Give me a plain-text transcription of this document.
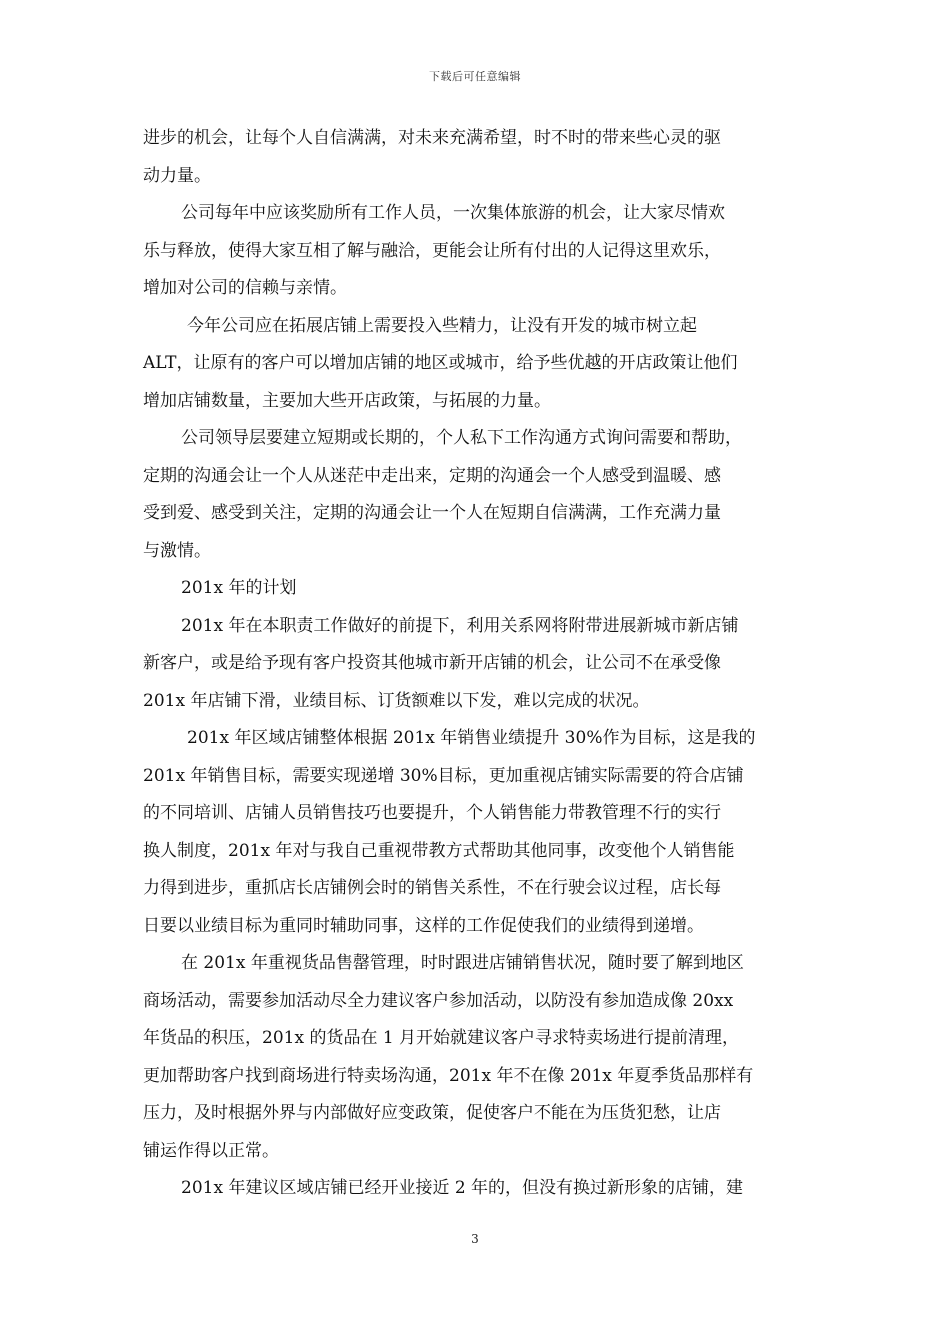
下载后可任意编辑
进步的机会，让每个人自信满满，对未来充满希望，时不时的带来些心灵的驱
动力量。
公司每年中应该奖励所有工作人员，一次集体旅游的机会，让大家尽情欢
乐与释放，使得大家互相了解与融洽，更能会让所有付出的人记得这里欢乐，
增加对公司的信赖与亲情。
今年公司应在拓展店铺上需要投入些精力，让没有开发的城市树立起
ALT，让原有的客户可以增加店铺的地区或城市，给予些优越的开店政策让他们
增加店铺数量，主要加大些开店政策，与拓展的力量。
公司领导层要建立短期或长期的，个人私下工作沟通方式询问需要和帮助，
定期的沟通会让一个人从迷茫中走出来，定期的沟通会一个人感受到温暖、感
受到爱、感受到关注，定期的沟通会让一个人在短期自信满满，工作充满力量
与激情。
201x 年的计划
201x 年在本职责工作做好的前提下，利用关系网将附带进展新城市新店铺
新客户，或是给予现有客户投资其他城市新开店铺的机会，让公司不在承受像
201x 年店铺下滑，业绩目标、订货额难以下发，难以完成的状况。
201x 年区域店铺整体根据 201x 年销售业绩提升 30%作为目标，这是我的
201x 年销售目标，需要实现递增 30%目标，更加重视店铺实际需要的符合店铺
的不同培训、店铺人员销售技巧也要提升，个人销售能力带教管理不行的实行
换人制度，201x 年对与我自己重视带教方式帮助其他同事，改变他个人销售能
力得到进步，重抓店长店铺例会时的销售关系性，不在行驶会议过程，店长每
日要以业绩目标为重同时辅助同事，这样的工作促使我们的业绩得到递增。
在 201x 年重视货品售罄管理，时时跟进店铺销售状况，随时要了解到地区
商场活动，需要参加活动尽全力建议客户参加活动，以防没有参加造成像 20xx
年货品的积压，201x 的货品在 1 月开始就建议客户寻求特卖场进行提前清理，
更加帮助客户找到商场进行特卖场沟通，201x 年不在像 201x 年夏季货品那样有
压力，及时根据外界与内部做好应变政策，促使客户不能在为压货犯愁，让店
铺运作得以正常。
201x 年建议区域店铺已经开业接近 2 年的，但没有换过新形象的店铺，建
3
